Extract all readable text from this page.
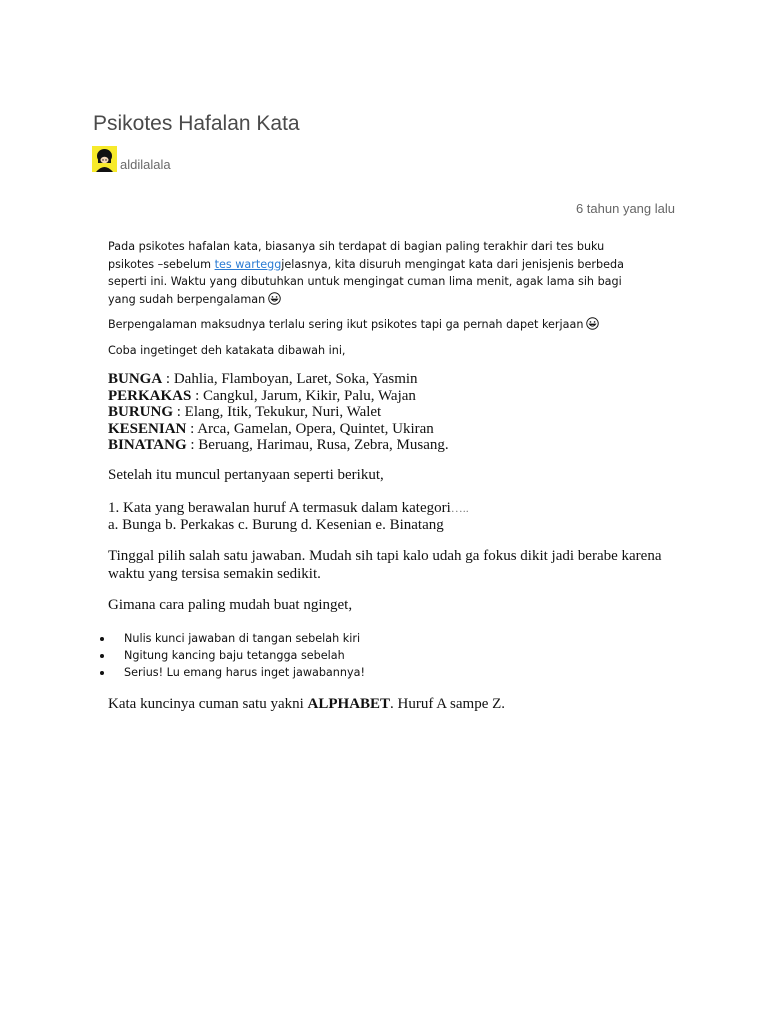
Psikotes Hafalan Kata
aldilalala
6 tahun yang lalu

Pada psikotes hafalan kata, biasanya sih terdapat di bagian paling terakhir dari tes buku psikotes –sebelum tes warteggjelasnya, kita disuruh mengingat kata dari jenisjenis berbeda seperti ini. Waktu yang dibutuhkan untuk mengingat cuman lima menit, agak lama sih bagi yang sudah berpengalaman

Berpengalaman maksudnya terlalu sering ikut psikotes tapi ga pernah dapet kerjaan

Coba ingetinget deh katakata dibawah ini,

BUNGA : Dahlia, Flamboyan, Laret, Soka, Yasmin
PERKAKAS : Cangkul, Jarum, Kikir, Palu, Wajan
BURUNG : Elang, Itik, Tekukur, Nuri, Walet
KESENIAN : Arca, Gamelan, Opera, Quintet, Ukiran
BINATANG : Beruang, Harimau, Rusa, Zebra, Musang.

Setelah itu muncul pertanyaan seperti berikut,

1. Kata yang berawalan huruf A termasuk dalam kategori…..
a. Bunga b. Perkakas c. Burung d. Kesenian e. Binatang

Tinggal pilih salah satu jawaban. Mudah sih tapi kalo udah ga fokus dikit jadi berabe karena waktu yang tersisa semakin sedikit.

Gimana cara paling mudah buat nginget,

Nulis kunci jawaban di tangan sebelah kiri
Ngitung kancing baju tetangga sebelah
Serius! Lu emang harus inget jawabannya!

Kata kuncinya cuman satu yakni ALPHABET. Huruf A sampe Z.
